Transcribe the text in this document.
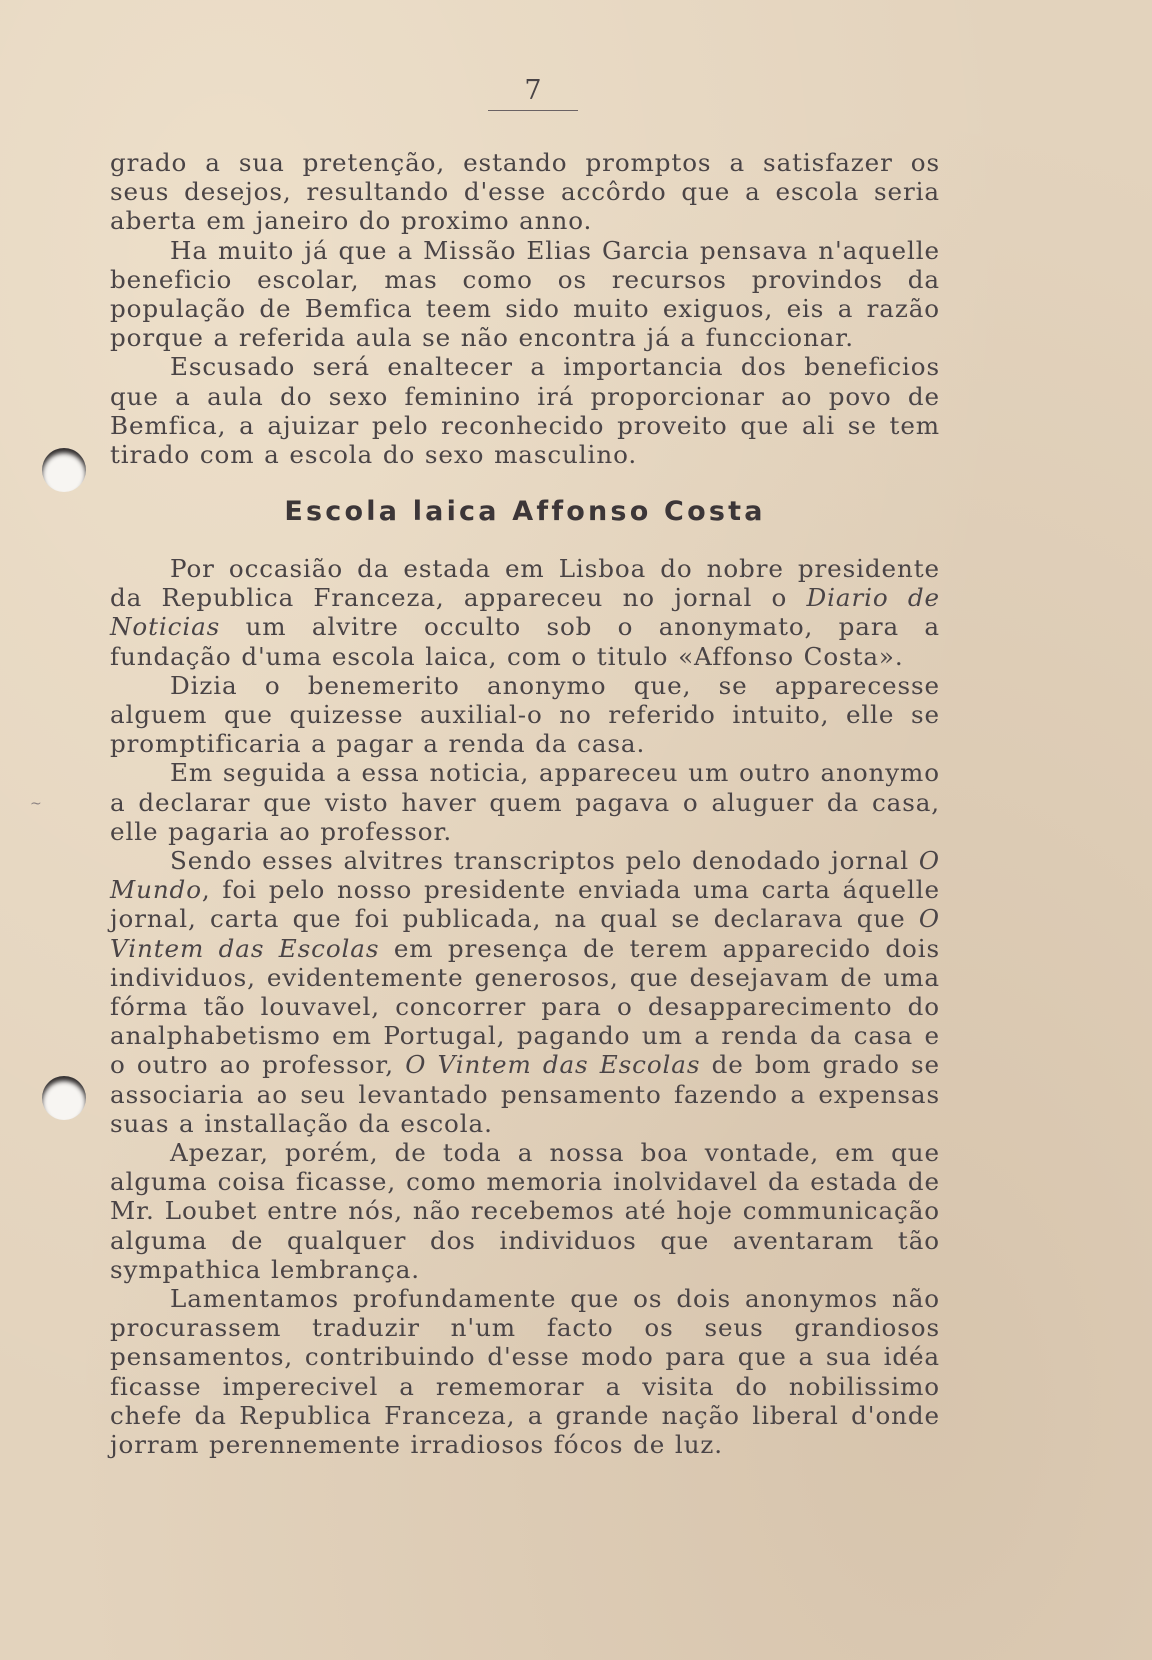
7

grado a sua pretenção, estando promptos a satisfazer os seus desejos, resultando d'esse accôrdo que a escola seria aberta em janeiro do proximo anno.

Ha muito já que a Missão Elias Garcia pensava n'aquelle beneficio escolar, mas como os recursos provindos da população de Bemfica teem sido muito exiguos, eis a razão porque a referida aula se não encontra já a funccionar.

Escusado será enaltecer a importancia dos beneficios que a aula do sexo feminino irá proporcionar ao povo de Bemfica, a ajuizar pelo reconhecido proveito que ali se tem tirado com a escola do sexo masculino.

Escola laica Affonso Costa

Por occasião da estada em Lisboa do nobre presidente da Republica Franceza, appareceu no jornal o Diario de Noticias um alvitre occulto sob o anonymato, para a fundação d'uma escola laica, com o titulo «Affonso Costa».

Dizia o benemerito anonymo que, se apparecesse alguem que quizesse auxilial-o no referido intuito, elle se promptificaria a pagar a renda da casa.

Em seguida a essa noticia, appareceu um outro anonymo a declarar que visto haver quem pagava o aluguer da casa, elle pagaria ao professor.

Sendo esses alvitres transcriptos pelo denodado jornal O Mundo, foi pelo nosso presidente enviada uma carta áquelle jornal, carta que foi publicada, na qual se declarava que O Vintem das Escolas em presença de terem apparecido dois individuos, evidentemente generosos, que desejavam de uma fórma tão louvavel, concorrer para o desapparecimento do analphabetismo em Portugal, pagando um a renda da casa e o outro ao professor, O Vintem das Escolas de bom grado se associaria ao seu levantado pensamento fazendo a expensas suas a installação da escola.

Apezar, porém, de toda a nossa boa vontade, em que alguma coisa ficasse, como memoria inolvidavel da estada de Mr. Loubet entre nós, não recebemos até hoje communicação alguma de qualquer dos individuos que aventaram tão sympathica lembrança.

Lamentamos profundamente que os dois anonymos não procurassem traduzir n'um facto os seus grandiosos pensamentos, contribuindo d'esse modo para que a sua idéa ficasse imperecivel a rememorar a visita do nobilissimo chefe da Republica Franceza, a grande nação liberal d'onde jorram perennemente irradiosos fócos de luz.

~
